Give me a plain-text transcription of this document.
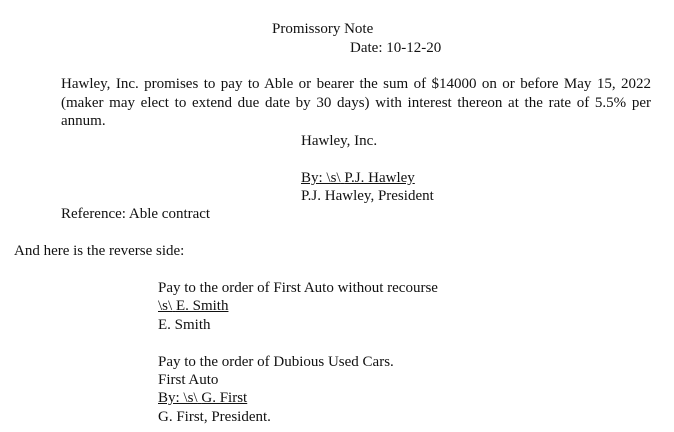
Promissory Note
Date: 10-12-20
Hawley, Inc. promises to pay to Able or bearer the sum of $14000 on or before May 15, 2022 (maker may elect to extend due date by 30 days) with interest thereon at the rate of 5.5% per annum.
Hawley, Inc.
By: \s\ P.J. Hawley
P.J. Hawley, President
Reference: Able contract
And here is the reverse side:
Pay to the order of First Auto without recourse
\s\ E. Smith
E. Smith
Pay to the order of Dubious Used Cars.
First Auto
By: \s\ G. First
G. First, President.
